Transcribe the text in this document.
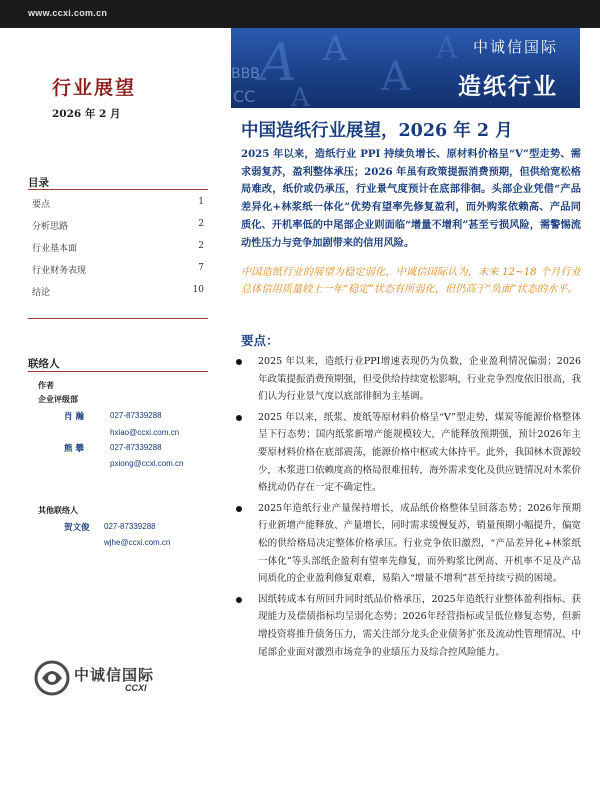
www.ccxi.com.cn
A A
A
BBB
CC A
A 中诚信国际
造纸行业
行业展望
2026 年 2 月
中国造纸行业展望，2026 年 2 月
2025 年以来，造纸行业 PPI 持续负增长、原材料价格呈“V”型走势、需求弱复苏，盈利整体承压；2026 年虽有政策提振消费预期，但供给宽松格局难改，纸价或仍承压，行业景气度预计在底部徘徊。头部企业凭借“产品差异化+林浆纸一体化”优势有望率先修复盈利，而外购浆依赖高、产品同质化、开机率低的中尾部企业则面临“增量不增利”甚至亏损风险，需警惕流动性压力与竞争加剧带来的信用风险。
中国造纸行业的展望为稳定弱化，中诚信国际认为，未来 12~18 个月行业总体信用质量较上一年“稳定”状态有所弱化，但仍高于“负面”状态的水平。
要点：
2025 年以来，造纸行业PPI增速表现仍为负数，企业盈利情况偏弱；2026年政策提振消费预期强，但受供给持续宽松影响，行业竞争烈度依旧很高，我们认为行业景气度以底部徘徊为主基调。
2025 年以来，纸浆、废纸等原材料价格呈“V”型走势，煤炭等能源价格整体呈下行态势；国内纸浆新增产能规模较大，产能释放预期强，预计2026年主要原材料价格在底部震荡，能源价格中枢或大体持平。此外，我国林木资源较少，木浆进口依赖度高的格局很难扭转，海外需求变化及供应链情况对木浆价格扰动仍存在一定不确定性。
2025年造纸行业产量保持增长，成品纸价格整体呈回落态势；2026年预期行业新增产能释放、产量增长，同时需求缓慢复苏，销量预期小幅提升，偏宽松的供给格局决定整体价格承压。行业竞争依旧激烈，“产品差异化+林浆纸一体化”等头部纸企盈利有望率先修复，而外购浆比例高、开机率不足及产品同质化的企业盈利修复艰难，易陷入“增量不增利”甚至持续亏损的困境。
因纸转成本有所回升同时纸品价格承压，2025年造纸行业整体盈利指标、获现能力及偿债指标均呈弱化态势；2026年经营指标或呈低位修复态势，但新增投资将推升债务压力，需关注部分龙头企业债务扩张及流动性管理情况、中尾部企业面对激烈市场竞争的业绩压力及综合控风险能力。
目录
要点	1
分析思路	2
行业基本面	2
行业财务表现	7
结论	10
联络人
作者
企业评级部
肖 瀚	027-87339288
hxiao@ccxi.com.cn
熊 攀	027-87339288
pxiong@ccxi.com.cn
其他联络人
贺文俊 027-87339288
wjhe@ccxi.com.cn
中诚信国际
CCXI
